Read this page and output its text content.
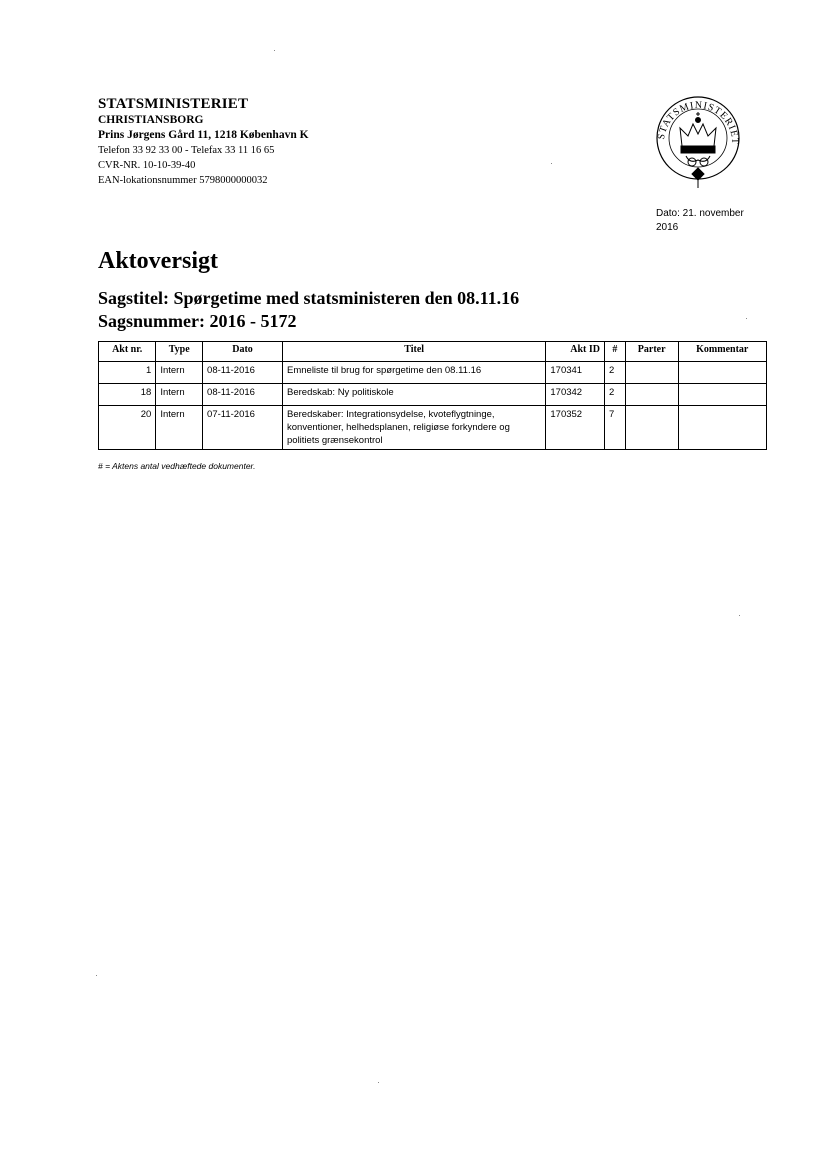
STATSMINISTERIET
CHRISTIANSBORG
Prins Jørgens Gård 11, 1218 København K
Telefon 33 92 33 00 - Telefax 33 11 16 65
CVR-NR. 10-10-39-40
EAN-lokationsnummer 5798000000032
STATSMINISTERIET
Dato: 21. november
2016
Aktoversigt
Sagstitel: Spørgetime med statsministeren den 08.11.16
Sagsnummer: 2016 - 5172
Akt nr.	Type	Dato	Titel	Akt ID	#	Parter	Kommentar
1	Intern	08-11-2016	Emneliste til brug for spørgetime den 08.11.16	170341	2		
18	Intern	08-11-2016	Beredskab: Ny politiskole	170342	2		
20	Intern	07-11-2016	Beredskaber: Integrationsydelse, kvoteflygtninge, konventioner, helhedsplanen, religiøse forkyndere og politiets grænsekontrol	170352	7		
# = Aktens antal vedhæftede dokumenter.
